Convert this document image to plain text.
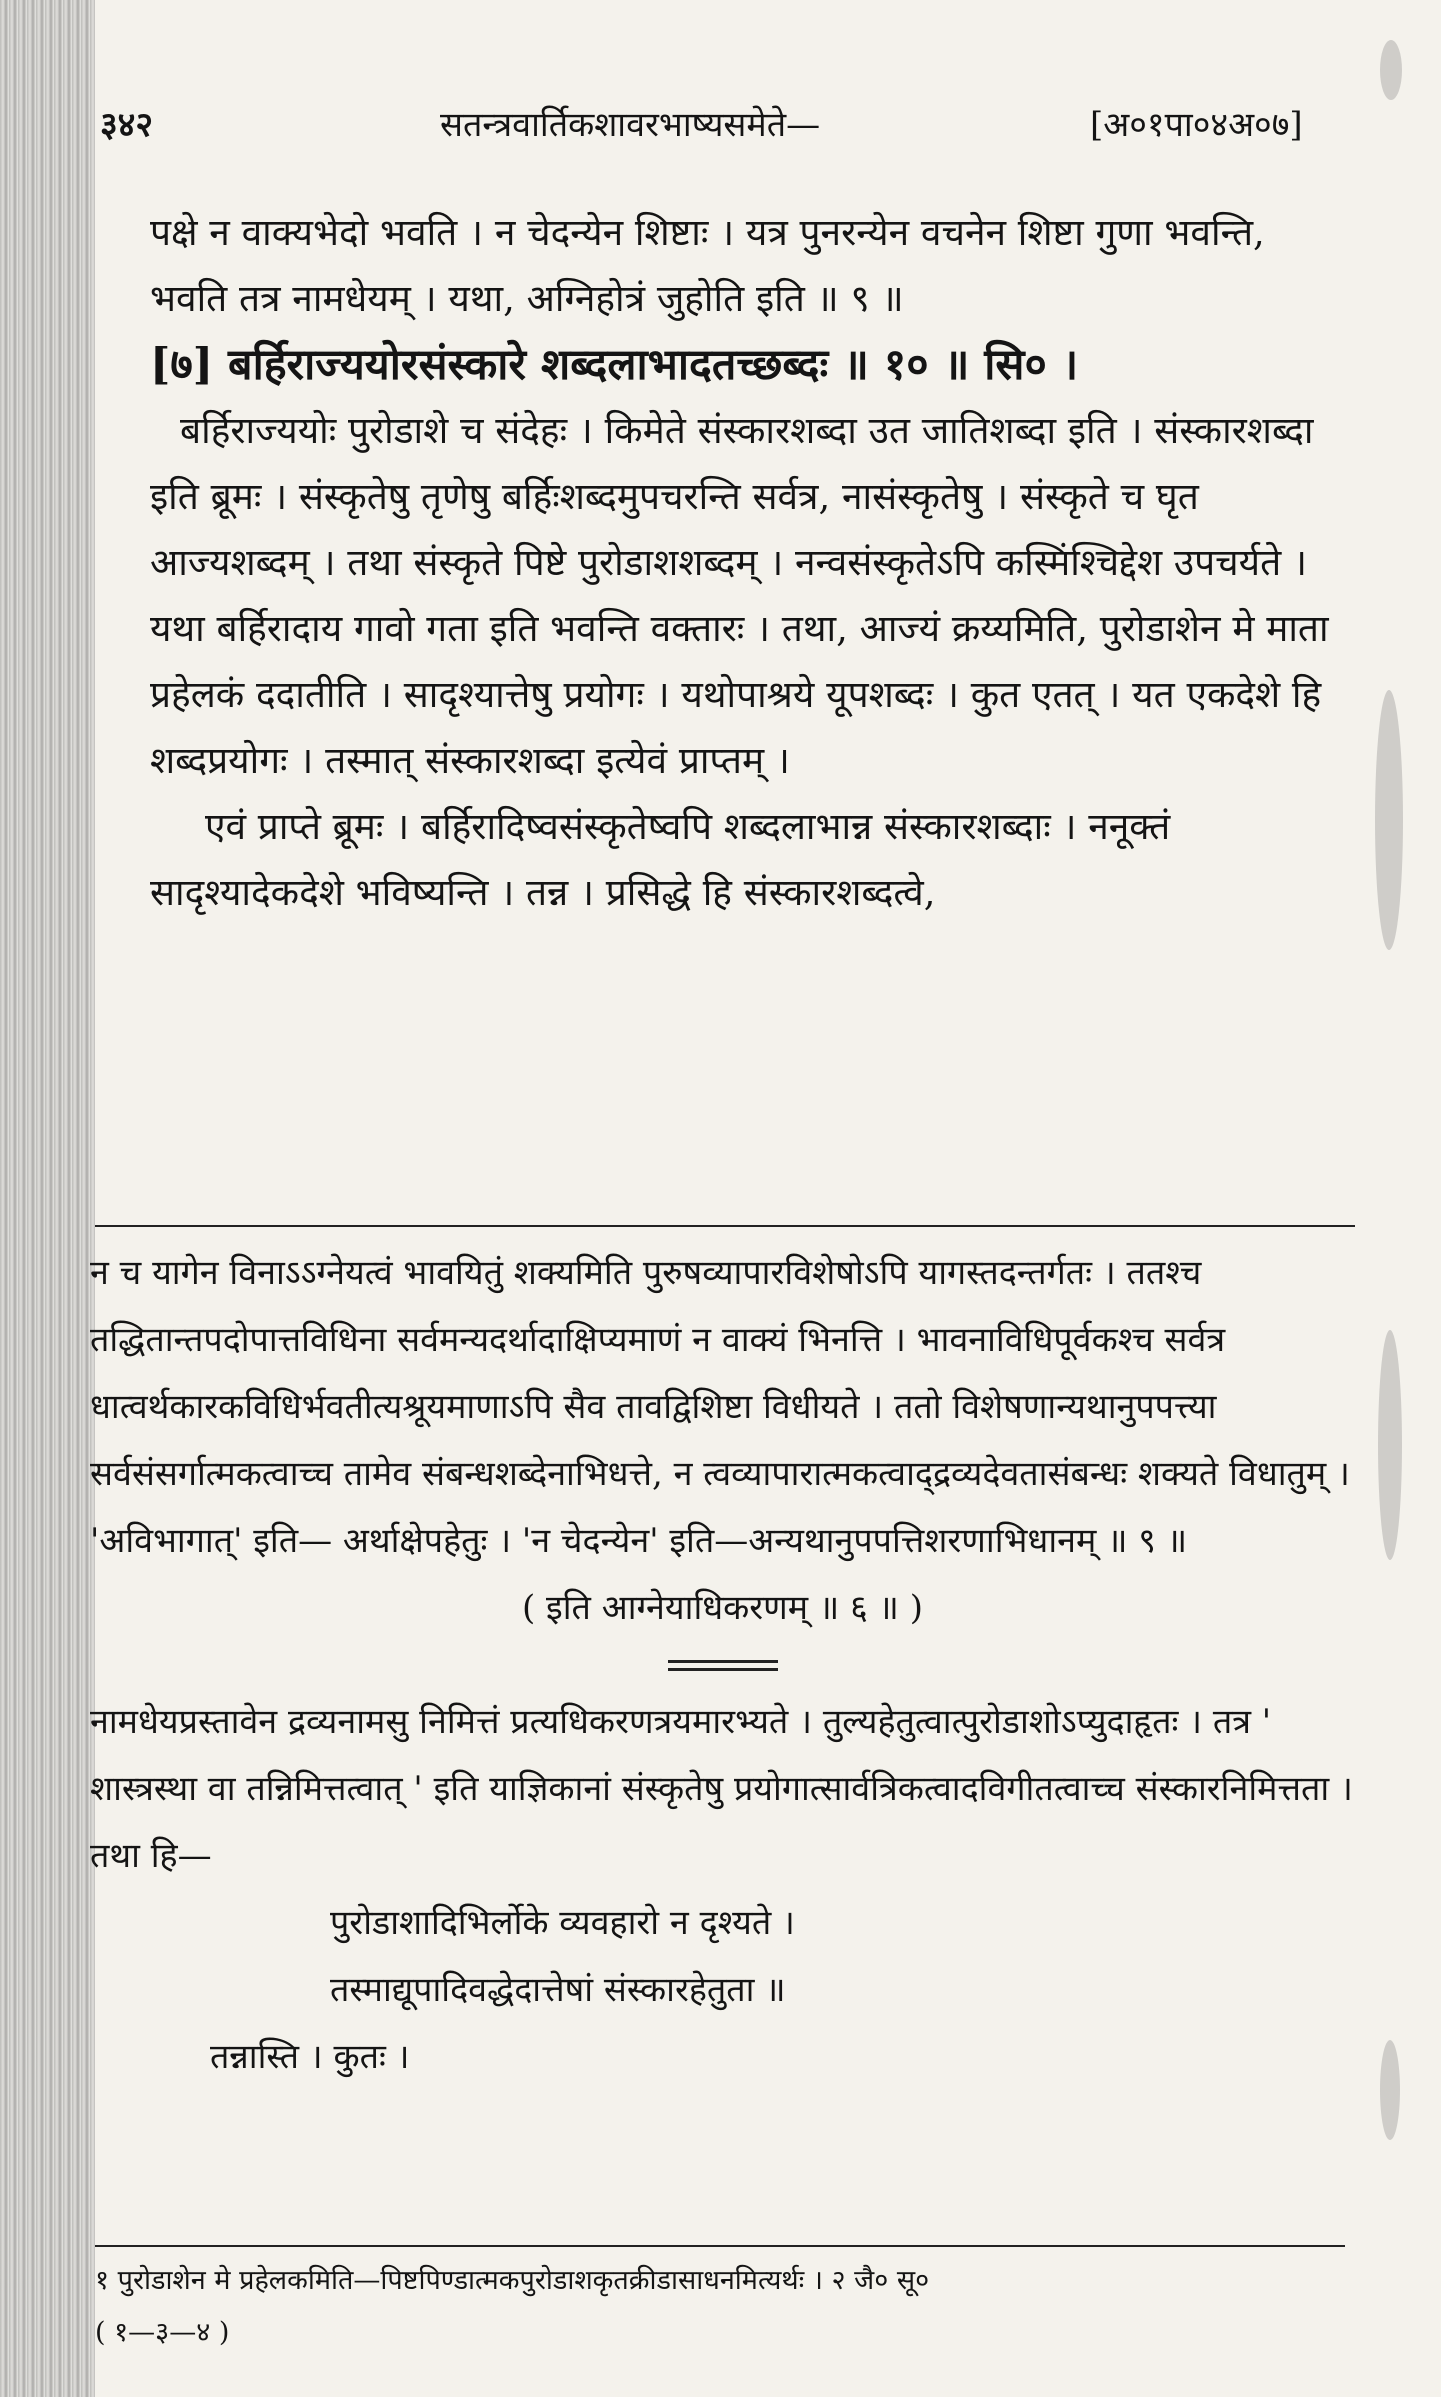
३४२	सतन्त्रवार्तिकशावरभाष्यसमेते—	[अ०१पा०४अ०७]

पक्षे न वाक्यभेदो भवति । न चेदन्येन शिष्टाः । यत्र पुनरन्येन वचनेन शिष्टा गुणा भवन्ति, भवति तत्र नामधेयम् । यथा, अग्निहोत्रं जुहोति इति ॥ ९ ॥

[७] बर्हिराज्ययोरसंस्कारे शब्दलाभादतच्छब्दः ॥ १० ॥ सि० ।

बर्हिराज्ययोः पुरोडाशे च संदेहः । किमेते संस्कारशब्दा उत जातिशब्दा इति । संस्कारशब्दा इति ब्रूमः । संस्कृतेषु तृणेषु बर्हिःशब्दमुपचरन्ति सर्वत्र, नासंस्कृतेषु । संस्कृते च घृत आज्यशब्दम् । तथा संस्कृते पिष्टे पुरोडाशशब्दम् । नन्वसंस्कृतेऽपि कस्मिंश्चिद्देश उपचर्यते । यथा बर्हिरादाय गावो गता इति भवन्ति वक्तारः । तथा, आज्यं क्रय्यमिति, पुरोडाशेन मे माता प्रहेलकं ददातीति । सादृश्यात्तेषु प्रयोगः । यथोपाश्रये यूपशब्दः । कुत एतत् । यत एकदेशे हि शब्दप्रयोगः । तस्मात् संस्कारशब्दा इत्येवं प्राप्तम् ।

एवं प्राप्ते ब्रूमः । बर्हिरादिष्वसंस्कृतेष्वपि शब्दलाभान्न संस्कारशब्दाः । ननूक्तं सादृश्यादेकदेशे भविष्यन्ति । तन्न । प्रसिद्धे हि संस्कारशब्दत्वे,

न च यागेन विनाऽऽग्नेयत्वं भावयितुं शक्यमिति पुरुषव्यापारविशेषोऽपि यागस्तदन्तर्गतः । ततश्च तद्धितान्तपदोपात्तविधिना सर्वमन्यदर्थादाक्षिप्यमाणं न वाक्यं भिनत्ति । भावनाविधिपूर्वकश्च सर्वत्र धात्वर्थकारकविधिर्भवतीत्यश्रूयमाणाऽपि सैव तावद्विशिष्टा विधीयते । ततो विशेषणान्यथानुपपत्त्या सर्वसंसर्गात्मकत्वाच्च तामेव संबन्धशब्देनाभिधत्ते, न त्वव्यापारात्मकत्वाद्द्रव्यदेवतासंबन्धः शक्यते विधातुम् । 'अविभागात्' इति— अर्थाक्षेपहेतुः । 'न चेदन्येन' इति—अन्यथानुपपत्तिशरणाभिधानम् ॥ ९ ॥

( इति आग्नेयाधिकरणम् ॥ ६ ॥ )

नामधेयप्रस्तावेन द्रव्यनामसु निमित्तं प्रत्यधिकरणत्रयमारभ्यते । तुल्यहेतुत्वात्पुरोडाशोऽप्युदाहृतः । तत्र ' शास्त्रस्था वा तन्निमित्तत्वात् ' इति याज्ञिकानां संस्कृतेषु प्रयोगात्सार्वत्रिकत्वादविगीतत्वाच्च संस्कारनिमित्तता । तथा हि—

पुरोडाशादिभिर्लोके व्यवहारो न दृश्यते ।

तस्माद्यूपादिवद्धेदात्तेषां संस्कारहेतुता ॥

तन्नास्ति । कुतः ।

१ पुरोडाशेन मे प्रहेलकमिति—पिष्टपिण्डात्मकपुरोडाशकृतक्रीडासाधनमित्यर्थः । २ जै० सू०

( १—३—४ )
